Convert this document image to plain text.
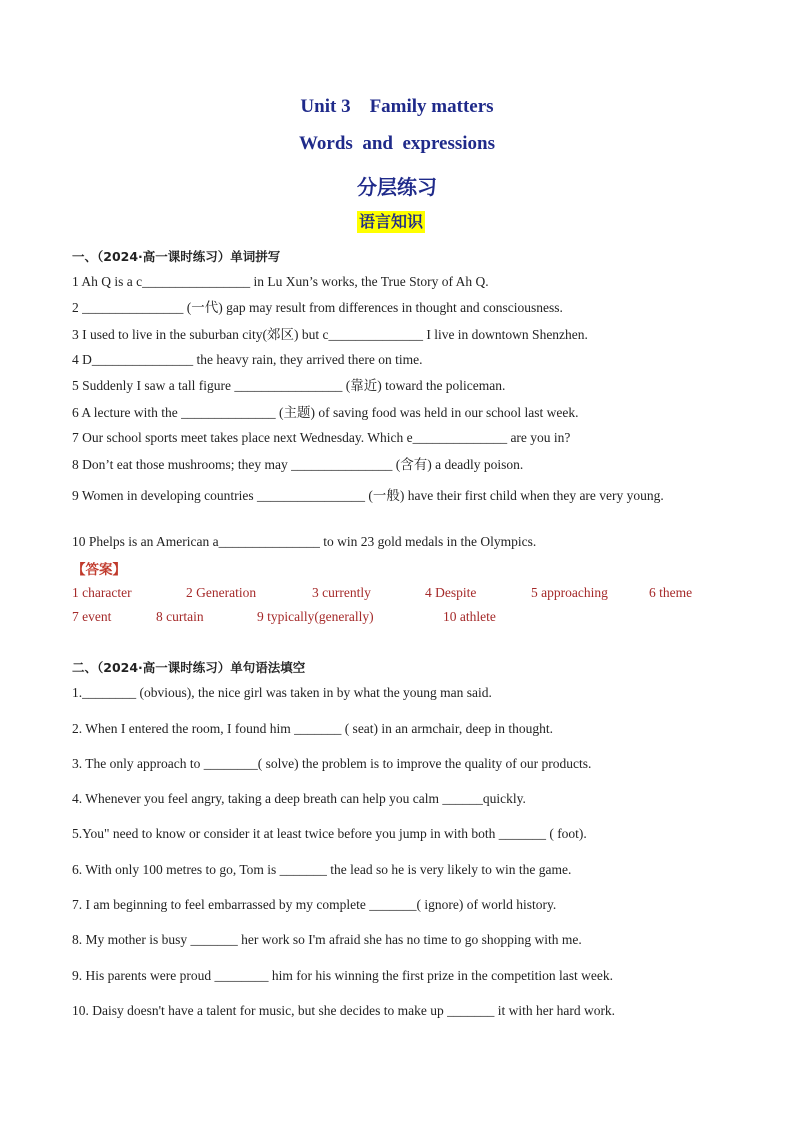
Unit 3    Family matters
Words  and  expressions
分层练习
语言知识
一、（2024·高一课时练习）单词拼写
1 Ah Q is a c________________ in Lu Xun’s works, the True Story of Ah Q.
2 _______________ (一代) gap may result from differences in thought and consciousness.
3 I used to live in the suburban city(郊区) but c______________ I live in downtown Shenzhen.
4 D_______________ the heavy rain, they arrived there on time.
5 Suddenly I saw a tall figure ________________ (靠近) toward the policeman.
6 A lecture with the ______________ (主题) of saving food was held in our school last week.
7 Our school sports meet takes place next Wednesday. Which e______________ are you in?
8 Don’t eat those mushrooms; they may _______________ (含有) a deadly poison.
9 Women in developing countries ________________ (一般) have their first child when they are very young.
10 Phelps is an American a_______________ to win 23 gold medals in the Olympics.
【答案】
1 character	2 Generation	3 currently	4 Despite	5 approaching	6 theme
7 event	8 curtain	9 typically(generally)	10 athlete
二、（2024·高一课时练习）单句语法填空
1.________ (obvious), the nice girl was taken in by what the young man said.
2. When I entered the room, I found him _______ ( seat) in an armchair, deep in thought.
3. The only approach to ________( solve) the problem is to improve the quality of our products.
4. Whenever you feel angry, taking a deep breath can help you calm ______quickly.
5.You" need to know or consider it at least twice before you jump in with both _______ ( foot).
6. With only 100 metres to go, Tom is _______ the lead so he is very likely to win the game.
7. I am beginning to feel embarrassed by my complete _______( ignore) of world history.
8. My mother is busy _______ her work so I'm afraid she has no time to go shopping with me.
9. His parents were proud ________ him for his winning the first prize in the competition last week.
10. Daisy doesn't have a talent for music, but she decides to make up _______ it with her hard work.
